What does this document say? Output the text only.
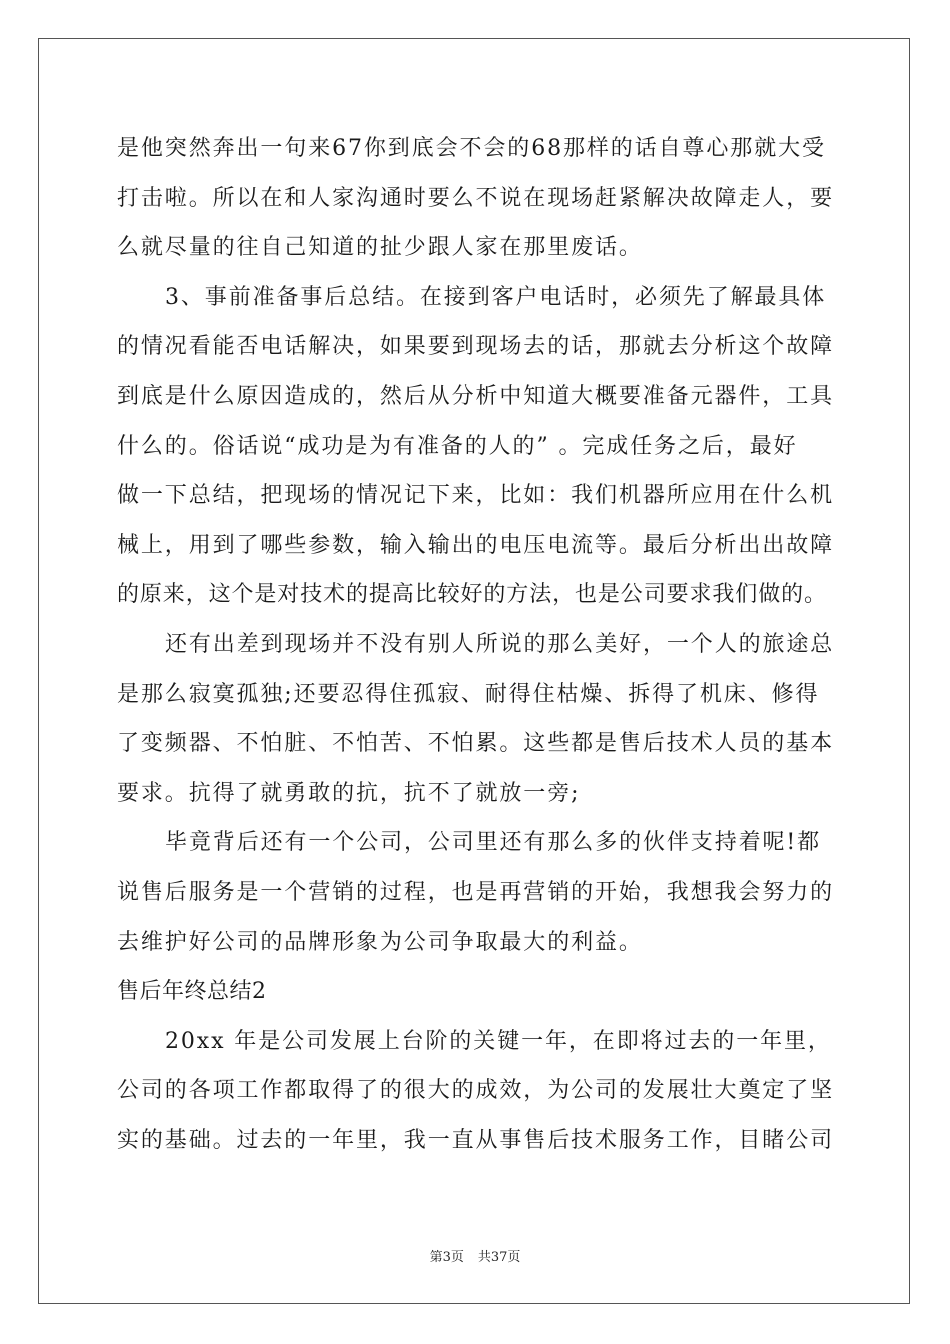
是他突然奔出一句来67你到底会不会的68那样的话自尊心那就大受
打击啦。所以在和人家沟通时要么不说在现场赶紧解决故障走人，要
么就尽量的往自己知道的扯少跟人家在那里废话。
3、事前准备事后总结。在接到客户电话时，必须先了解最具体
的情况看能否电话解决，如果要到现场去的话，那就去分析这个故障
到底是什么原因造成的，然后从分析中知道大概要准备元器件，工具
什么的。俗话说“成功是为有准备的人的” 。完成任务之后，最好
做一下总结，把现场的情况记下来，比如：我们机器所应用在什么机
械上，用到了哪些参数，输入输出的电压电流等。最后分析出出故障
的原来，这个是对技术的提高比较好的方法，也是公司要求我们做的。
还有出差到现场并不没有别人所说的那么美好，一个人的旅途总
是那么寂寞孤独;还要忍得住孤寂、耐得住枯燥、拆得了机床、修得
了变频器、不怕脏、不怕苦、不怕累。这些都是售后技术人员的基本
要求。抗得了就勇敢的抗，抗不了就放一旁;
毕竟背后还有一个公司，公司里还有那么多的伙伴支持着呢!都
说售后服务是一个营销的过程，也是再营销的开始，我想我会努力的
去维护好公司的品牌形象为公司争取最大的利益。
售后年终总结2
20xx 年是公司发展上台阶的关键一年，在即将过去的一年里，
公司的各项工作都取得了的很大的成效，为公司的发展壮大奠定了坚
实的基础。过去的一年里，我一直从事售后技术服务工作，目睹公司
第3页 共37页
